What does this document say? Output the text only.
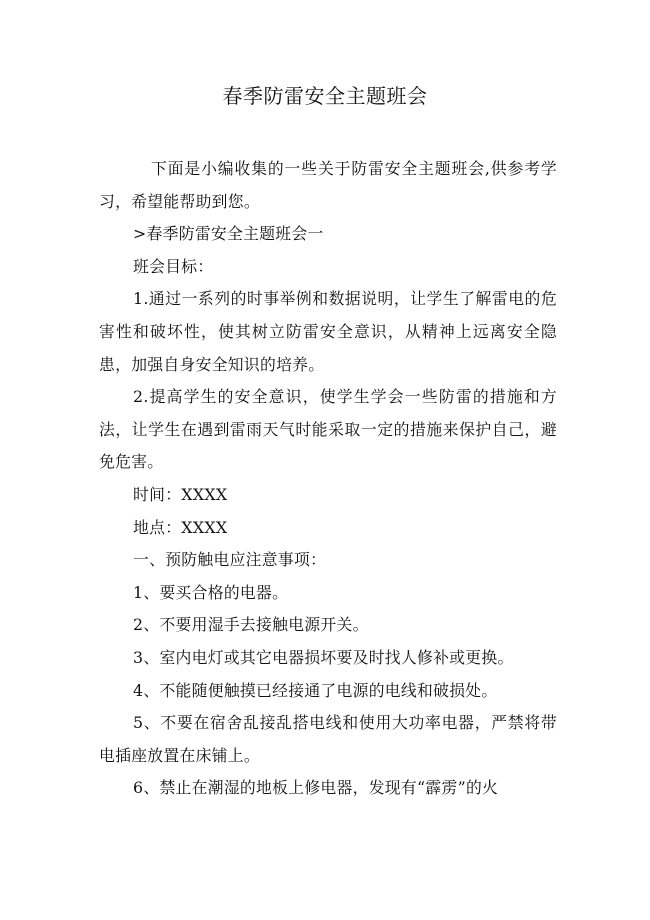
春季防雷安全主题班会

下面是小编收集的一些关于防雷安全主题班会,供参考学习，希望能帮助到您。

>春季防雷安全主题班会一

班会目标：

1.通过一系列的时事举例和数据说明，让学生了解雷电的危害性和破坏性，使其树立防雷安全意识，从精神上远离安全隐患，加强自身安全知识的培养。

2.提高学生的安全意识，使学生学会一些防雷的措施和方法，让学生在遇到雷雨天气时能采取一定的措施来保护自己，避免危害。

时间：XXXX

地点：XXXX

一、预防触电应注意事项：

1、要买合格的电器。

2、不要用湿手去接触电源开关。

3、室内电灯或其它电器损坏要及时找人修补或更换。

4、不能随便触摸已经接通了电源的电线和破损处。

5、不要在宿舍乱接乱搭电线和使用大功率电器，严禁将带电插座放置在床铺上。

6、禁止在潮湿的地板上修电器，发现有“霹雳”的火
